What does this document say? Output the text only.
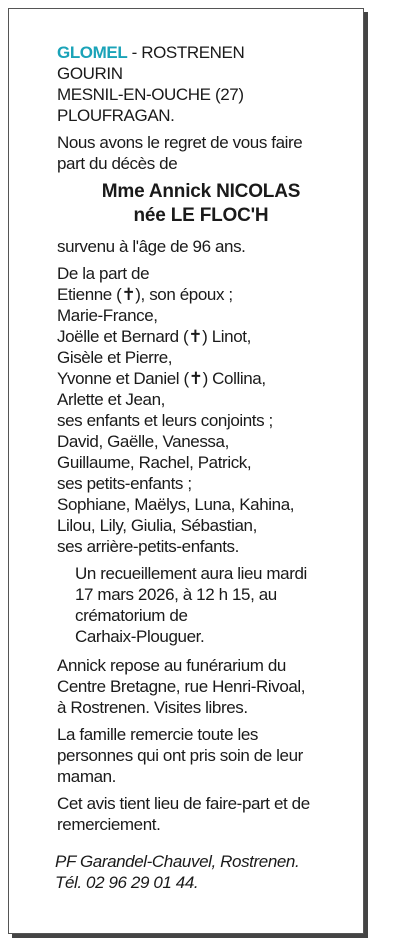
GLOMEL - ROSTRENEN
GOURIN
MESNIL-EN-OUCHE (27)
PLOUFRAGAN.
Nous avons le regret de vous faire
part du décès de
Mme Annick NICOLAS
née LE FLOC'H
survenu à l'âge de 96 ans.
De la part de
Etienne (✝), son époux ;
Marie-France,
Joëlle et Bernard (✝) Linot,
Gisèle et Pierre,
Yvonne et Daniel (✝) Collina,
Arlette et Jean,
ses enfants et leurs conjoints ;
David, Gaëlle, Vanessa,
Guillaume, Rachel, Patrick,
ses petits-enfants ;
Sophiane, Maëlys, Luna, Kahina,
Lilou, Lily, Giulia, Sébastian,
ses arrière-petits-enfants.
Un recueillement aura lieu mardi
17 mars 2026, à 12 h 15, au
crématorium de
Carhaix-Plouguer.
Annick repose au funérarium du
Centre Bretagne, rue Henri-Rivoal,
à Rostrenen. Visites libres.
La famille remercie toute les
personnes qui ont pris soin de leur
maman.
Cet avis tient lieu de faire-part et de
remerciement.
PF Garandel-Chauvel, Rostrenen.
Tél. 02 96 29 01 44.
